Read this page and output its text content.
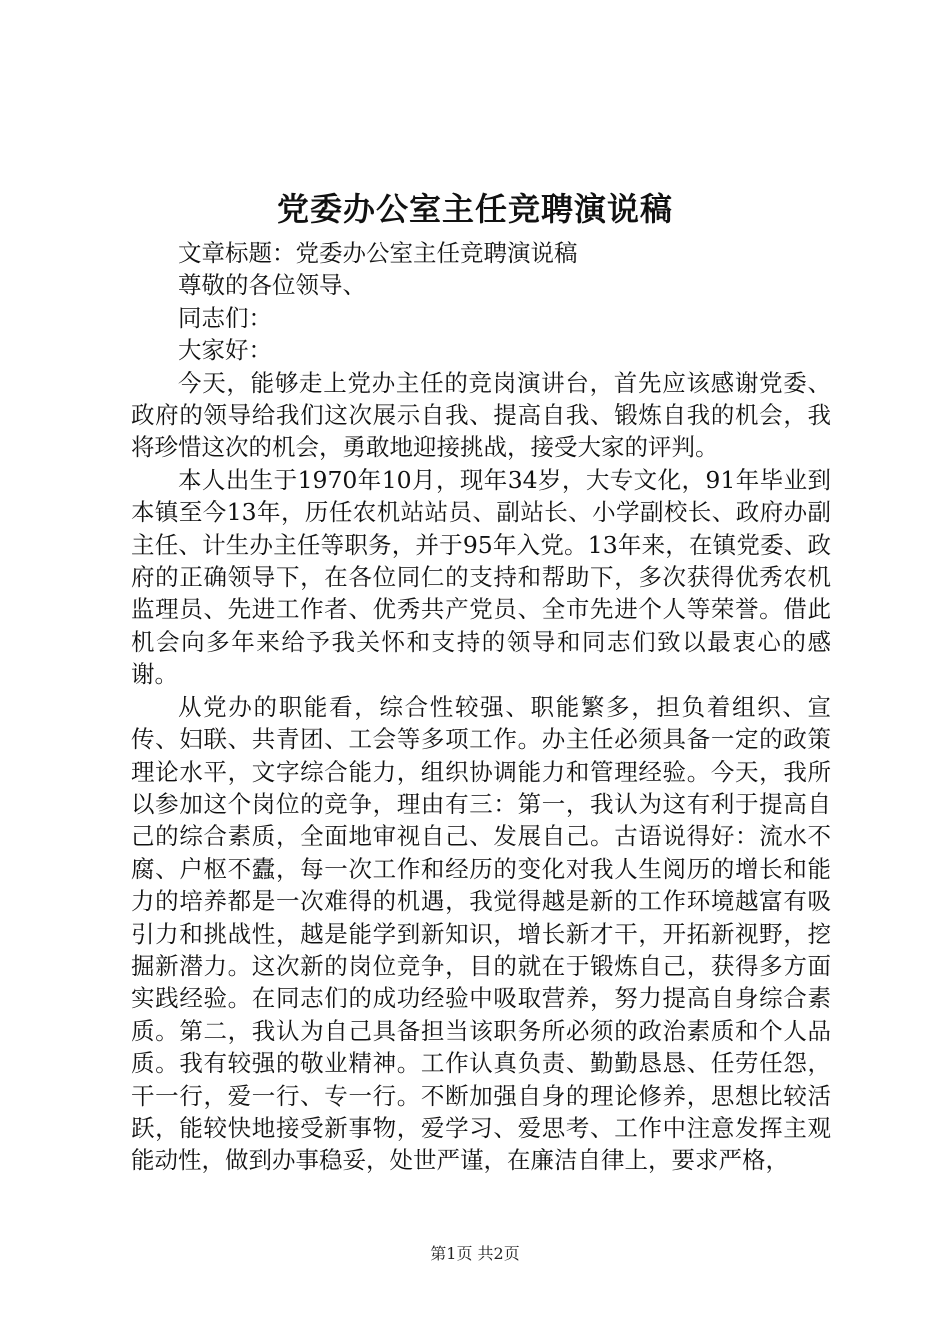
党委办公室主任竞聘演说稿

文章标题：党委办公室主任竞聘演说稿

尊敬的各位领导、

同志们：

大家好：

今天，能够走上党办主任的竞岗演讲台，首先应该感谢党委、政府的领导给我们这次展示自我、提高自我、锻炼自我的机会，我将珍惜这次的机会，勇敢地迎接挑战，接受大家的评判。

本人出生于1970年10月，现年34岁，大专文化，91年毕业到本镇至今13年，历任农机站站员、副站长、小学副校长、政府办副主任、计生办主任等职务，并于95年入党。13年来，在镇党委、政府的正确领导下，在各位同仁的支持和帮助下，多次获得优秀农机监理员、先进工作者、优秀共产党员、全市先进个人等荣誉。借此机会向多年来给予我关怀和支持的领导和同志们致以最衷心的感谢。

从党办的职能看，综合性较强、职能繁多，担负着组织、宣传、妇联、共青团、工会等多项工作。办主任必须具备一定的政策理论水平，文字综合能力，组织协调能力和管理经验。今天，我所以参加这个岗位的竞争，理由有三：第一，我认为这有利于提高自己的综合素质，全面地审视自己、发展自己。古语说得好：流水不腐、户枢不蠹，每一次工作和经历的变化对我人生阅历的增长和能力的培养都是一次难得的机遇，我觉得越是新的工作环境越富有吸引力和挑战性，越是能学到新知识，增长新才干，开拓新视野，挖掘新潜力。这次新的岗位竞争，目的就在于锻炼自己，获得多方面实践经验。在同志们的成功经验中吸取营养，努力提高自身综合素质。第二，我认为自己具备担当该职务所必须的政治素质和个人品质。我有较强的敬业精神。工作认真负责、勤勤恳恳、任劳任怨，干一行，爱一行、专一行。不断加强自身的理论修养，思想比较活跃，能较快地接受新事物，爱学习、爱思考、工作中注意发挥主观能动性，做到办事稳妥，处世严谨，在廉洁自律上，要求严格，

第1页 共2页
